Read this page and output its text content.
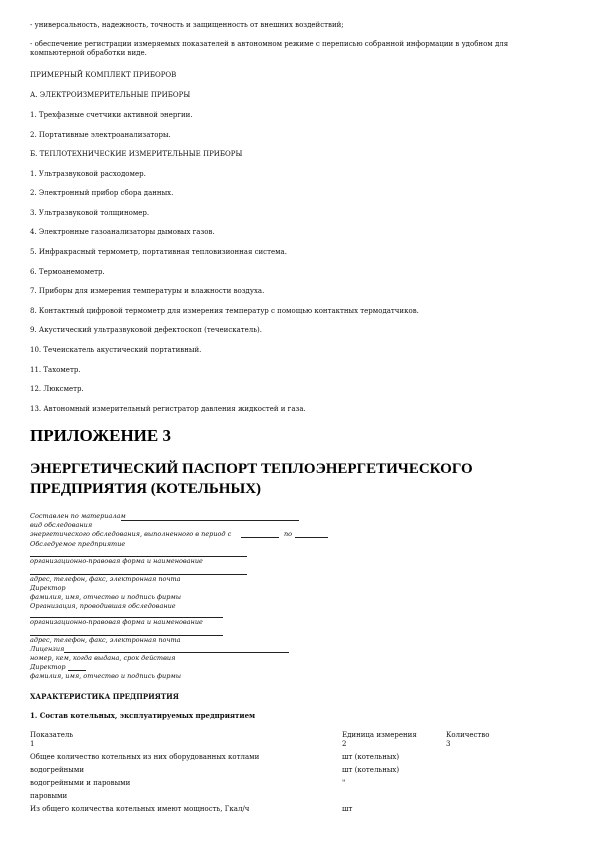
- универсальность, надежность, точность и защищенность от внешних воздействий;
- обеспечение регистрации измеряемых показателей в автономном режиме с переписью собранной информации в удобном для компьютерной обработки виде.
ПРИМЕРНЫЙ КОМПЛЕКТ ПРИБОРОВ
А. ЭЛЕКТРОИЗМЕРИТЕЛЬНЫЕ ПРИБОРЫ
1. Трехфазные счетчики активной энергии.
2. Портативные электроанализаторы.
Б. ТЕПЛОТЕХНИЧЕСКИЕ ИЗМЕРИТЕЛЬНЫЕ ПРИБОРЫ
1. Ультразвуковой расходомер.
2. Электронный прибор сбора данных.
3. Ультразвуковой толщиномер.
4. Электронные газоанализаторы дымовых газов.
5. Инфракрасный термометр, портативная тепловизионная система.
6. Термоанемометр.
7. Приборы для измерения температуры и влажности воздуха.
8. Контактный цифровой термометр для измерения температур с помощью контактных термодатчиков.
9. Акустический ультразвуковой дефектоскоп (течеискатель).
10. Течеискатель акустический портативный.
11. Тахометр.
12. Люксметр.
13. Автономный измерительный регистратор давления жидкостей и газа.
ПРИЛОЖЕНИЕ 3
ЭНЕРГЕТИЧЕСКИЙ ПАСПОРТ ТЕПЛОЭНЕРГЕТИЧЕСКОГО ПРЕДПРИЯТИЯ (КОТЕЛЬНЫХ)
Составлен по материалам
вид обследования
энергетического обследования, выполненного в период с	по
Обследуемое предприятие
организационно-правовая форма и наименование
адрес, телефон, факс, электронная почта
Директор
фамилия, имя, отчество и подпись фирмы
Организация, проводившая обследование
организационно-правовая форма и наименование
адрес, телефон, факс, электронная почта
Лицензия
номер, кем, когда выдана, срок действия
Директор
фамилия, имя, отчество и подпись фирмы
ХАРАКТЕРИСТИКА ПРЕДПРИЯТИЯ
1. Состав котельных, эксплуатируемых предприятием
Показатель	Единица измерения	Количество
1	2	3
Общее количество котельных из них оборудованных котлами	шт (котельных)
водогрейными	шт (котельных)
водогрейными и паровыми	"
паровыми
Из общего количества котельных имеют мощность, Гкал/ч	шт
